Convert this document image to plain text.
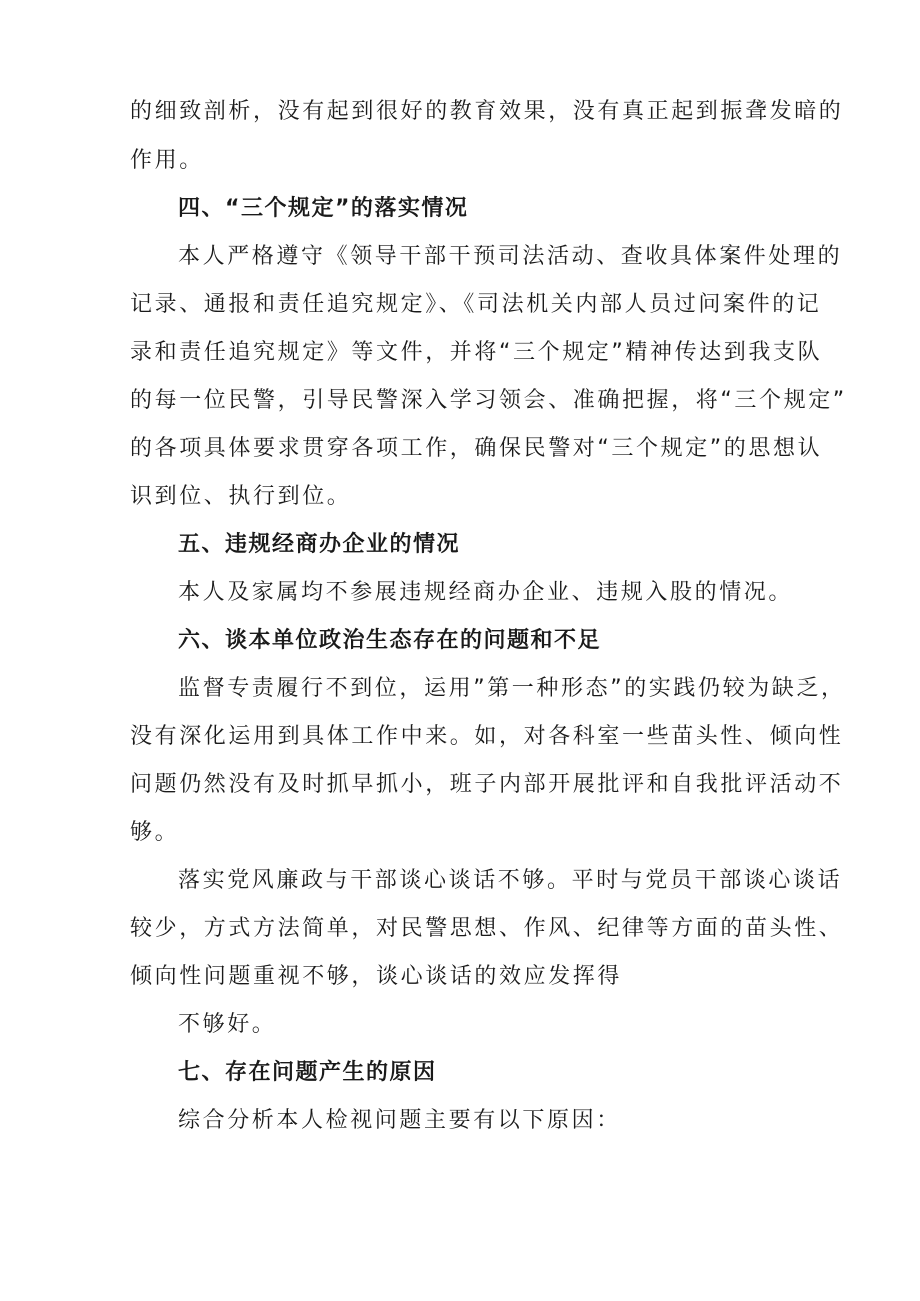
的细致剖析，没有起到很好的教育效果，没有真正起到振聋发暗的
作用。
四、“三个规定”的落实情况
本人严格遵守《领导干部干预司法活动、查收具体案件处理的
记录、通报和责任追究规定》、《司法机关内部人员过问案件的记
录和责任追究规定》等文件，并将“三个规定”精神传达到我支队
的每一位民警，引导民警深入学习领会、准确把握，将“三个规定”
的各项具体要求贯穿各项工作，确保民警对“三个规定”的思想认
识到位、执行到位。
五、违规经商办企业的情况
本人及家属均不参展违规经商办企业、违规入股的情况。
六、谈本单位政治生态存在的问题和不足
监督专责履行不到位，运用”第一种形态”的实践仍较为缺乏，
没有深化运用到具体工作中来。如，对各科室一些苗头性、倾向性
问题仍然没有及时抓早抓小，班子内部开展批评和自我批评活动不
够。
落实党风廉政与干部谈心谈话不够。平时与党员干部谈心谈话
较少，方式方法简单，对民警思想、作风、纪律等方面的苗头性、
倾向性问题重视不够，谈心谈话的效应发挥得
不够好。
七、存在问题产生的原因
综合分析本人检视问题主要有以下原因：
